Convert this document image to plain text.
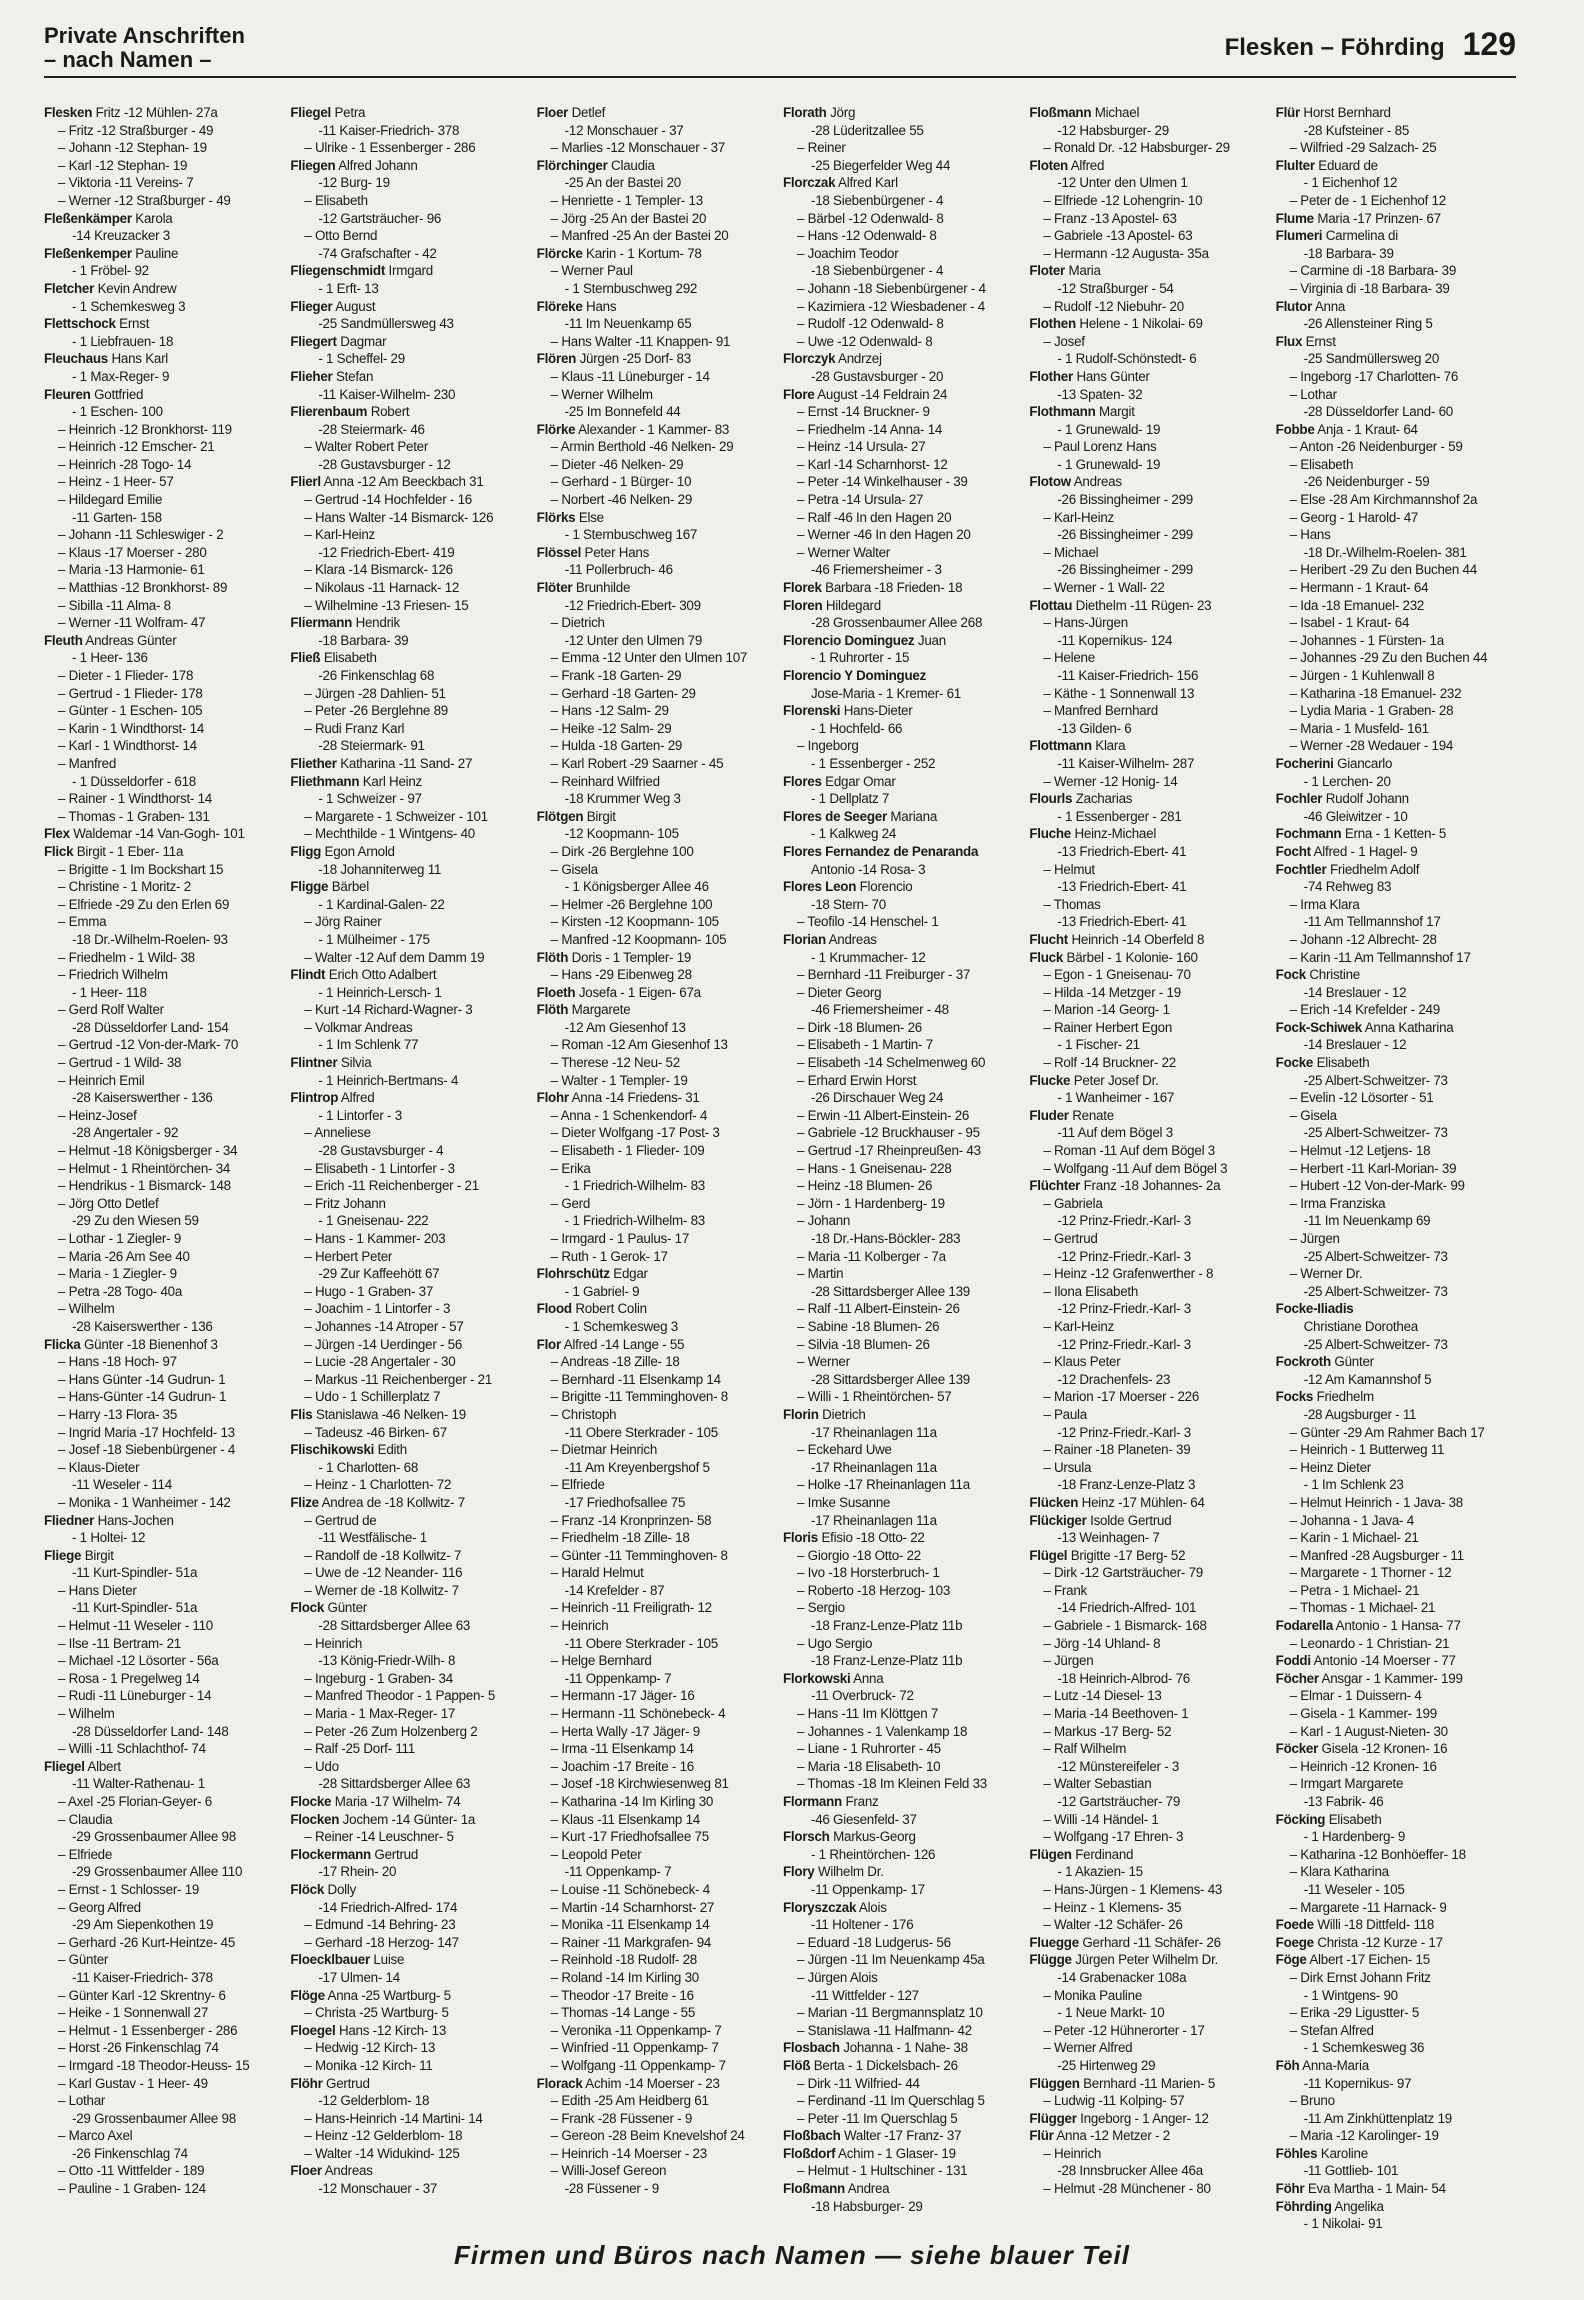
Private Anschriften
– nach Namen –	Flesken – Föhrding 129
Flesken Fritz -12 Mühlen- 27a
– Fritz -12 Straßburger - 49
– Johann -12 Stephan- 19
– Karl -12 Stephan- 19
– Viktoria -11 Vereins- 7
– Werner -12 Straßburger - 49
Fleßenkämper Karola
-14 Kreuzacker 3
Fleßenkemper Pauline
- 1 Fröbel- 92
Fletcher Kevin Andrew
- 1 Schemkesweg 3
Flettschock Ernst
- 1 Liebfrauen- 18
Fleuchaus Hans Karl
- 1 Max-Reger- 9
Fleuren Gottfried
- 1 Eschen- 100
– Heinrich -12 Bronkhorst- 119
– Heinrich -12 Emscher- 21
– Heinrich -28 Togo- 14
– Heinz - 1 Heer- 57
– Hildegard Emilie
-11 Garten- 158
– Johann -11 Schleswiger - 2
– Klaus -17 Moerser - 280
– Maria -13 Harmonie- 61
– Matthias -12 Bronkhorst- 89
– Sibilla -11 Alma- 8
– Werner -11 Wolfram- 47
Fleuth Andreas Günter
- 1 Heer- 136
– Dieter - 1 Flieder- 178
– Gertrud - 1 Flieder- 178
– Günter - 1 Eschen- 105
– Karin - 1 Windthorst- 14
– Karl - 1 Windthorst- 14
– Manfred
- 1 Düsseldorfer - 618
– Rainer - 1 Windthorst- 14
– Thomas - 1 Graben- 131
Flex Waldemar -14 Van-Gogh- 101
Flick Birgit - 1 Eber- 11a
– Brigitte - 1 Im Bockshart 15
– Christine - 1 Moritz- 2
– Elfriede -29 Zu den Erlen 69
– Emma
-18 Dr.-Wilhelm-Roelen- 93
– Friedhelm - 1 Wild- 38
– Friedrich Wilhelm
- 1 Heer- 118
– Gerd Rolf Walter
-28 Düsseldorfer Land- 154
– Gertrud -12 Von-der-Mark- 70
– Gertrud - 1 Wild- 38
– Heinrich Emil
-28 Kaiserswerther - 136
– Heinz-Josef
-28 Angertaler - 92
– Helmut -18 Königsberger - 34
– Helmut - 1 Rheintörchen- 34
– Hendrikus - 1 Bismarck- 148
– Jörg Otto Detlef
-29 Zu den Wiesen 59
– Lothar - 1 Ziegler- 9
– Maria -26 Am See 40
– Maria - 1 Ziegler- 9
– Petra -28 Togo- 40a
– Wilhelm
-28 Kaiserswerther - 136
Flicka Günter -18 Bienenhof 3
– Hans -18 Hoch- 97
– Hans Günter -14 Gudrun- 1
– Hans-Günter -14 Gudrun- 1
– Harry -13 Flora- 35
– Ingrid Maria -17 Hochfeld- 13
– Josef -18 Siebenbürgener - 4
– Klaus-Dieter
-11 Weseler - 114
– Monika - 1 Wanheimer - 142
Fliedner Hans-Jochen
- 1 Holtei- 12
Fliege Birgit
-11 Kurt-Spindler- 51a
– Hans Dieter
-11 Kurt-Spindler- 51a
– Helmut -11 Weseler - 110
– Ilse -11 Bertram- 21
– Michael -12 Lösorter - 56a
– Rosa - 1 Pregelweg 14
– Rudi -11 Lüneburger - 14
– Wilhelm
-28 Düsseldorfer Land- 148
– Willi -11 Schlachthof- 74
Fliegel Albert
-11 Walter-Rathenau- 1
– Axel -25 Florian-Geyer- 6
– Claudia
-29 Grossenbaumer Allee 98
– Elfriede
-29 Grossenbaumer Allee 110
– Ernst - 1 Schlosser- 19
– Georg Alfred
-29 Am Siepenkothen 19
– Gerhard -26 Kurt-Heintze- 45
– Günter
-11 Kaiser-Friedrich- 378
– Günter Karl -12 Skrentny- 6
– Heike - 1 Sonnenwall 27
– Helmut - 1 Essenberger - 286
– Horst -26 Finkenschlag 74
– Irmgard -18 Theodor-Heuss- 15
– Karl Gustav - 1 Heer- 49
– Lothar
-29 Grossenbaumer Allee 98
– Marco Axel
-26 Finkenschlag 74
– Otto -11 Wittfelder - 189
– Pauline - 1 Graben- 124
Fliegel Petra
-11 Kaiser-Friedrich- 378
– Ulrike - 1 Essenberger - 286
Fliegen Alfred Johann
-12 Burg- 19
– Elisabeth
-12 Gartsträucher- 96
– Otto Bernd
-74 Grafschafter - 42
Fliegenschmidt Irmgard
- 1 Erft- 13
Flieger August
-25 Sandmüllersweg 43
Fliegert Dagmar
- 1 Scheffel- 29
Flieher Stefan
-11 Kaiser-Wilhelm- 230
Flierenbaum Robert
-28 Steiermark- 46
– Walter Robert Peter
-28 Gustavsburger - 12
Flierl Anna -12 Am Beeckbach 31
– Gertrud -14 Hochfelder - 16
– Hans Walter -14 Bismarck- 126
– Karl-Heinz
-12 Friedrich-Ebert- 419
– Klara -14 Bismarck- 126
– Nikolaus -11 Harnack- 12
– Wilhelmine -13 Friesen- 15
Fliermann Hendrik
-18 Barbara- 39
Fließ Elisabeth
-26 Finkenschlag 68
– Jürgen -28 Dahlien- 51
– Peter -26 Berglehne 89
– Rudi Franz Karl
-28 Steiermark- 91
Fliether Katharina -11 Sand- 27
Fliethmann Karl Heinz
- 1 Schweizer - 97
– Margarete - 1 Schweizer - 101
– Mechthilde - 1 Wintgens- 40
Fligg Egon Arnold
-18 Johanniterweg 11
Fligge Bärbel
- 1 Kardinal-Galen- 22
– Jörg Rainer
- 1 Mülheimer - 175
– Walter -12 Auf dem Damm 19
Flindt Erich Otto Adalbert
- 1 Heinrich-Lersch- 1
– Kurt -14 Richard-Wagner- 3
– Volkmar Andreas
- 1 Im Schlenk 77
Flintner Silvia
- 1 Heinrich-Bertmans- 4
Flintrop Alfred
- 1 Lintorfer - 3
– Anneliese
-28 Gustavsburger - 4
– Elisabeth - 1 Lintorfer - 3
– Erich -11 Reichenberger - 21
– Fritz Johann
- 1 Gneisenau- 222
– Hans - 1 Kammer- 203
– Herbert Peter
-29 Zur Kaffeehött 67
– Hugo - 1 Graben- 37
– Joachim - 1 Lintorfer - 3
– Johannes -14 Atroper - 57
– Jürgen -14 Uerdinger - 56
– Lucie -28 Angertaler - 30
– Markus -11 Reichenberger - 21
– Udo - 1 Schillerplatz 7
Flis Stanislawa -46 Nelken- 19
– Tadeusz -46 Birken- 67
Flischikowski Edith
- 1 Charlotten- 68
– Heinz - 1 Charlotten- 72
Flize Andrea de -18 Kollwitz- 7
– Gertrud de
-11 Westfälische- 1
– Randolf de -18 Kollwitz- 7
– Uwe de -12 Neander- 116
– Werner de -18 Kollwitz- 7
Flock Günter
-28 Sittardsberger Allee 63
– Heinrich
-13 König-Friedr-Wilh- 8
– Ingeburg - 1 Graben- 34
– Manfred Theodor - 1 Pappen- 5
– Maria - 1 Max-Reger- 17
– Peter -26 Zum Holzenberg 2
– Ralf -25 Dorf- 111
– Udo
-28 Sittardsberger Allee 63
Flocke Maria -17 Wilhelm- 74
Flocken Jochem -14 Günter- 1a
– Reiner -14 Leuschner- 5
Flockermann Gertrud
-17 Rhein- 20
Flöck Dolly
-14 Friedrich-Alfred- 174
– Edmund -14 Behring- 23
– Gerhard -18 Herzog- 147
Floecklbauer Luise
-17 Ulmen- 14
Flöge Anna -25 Wartburg- 5
– Christa -25 Wartburg- 5
Floegel Hans -12 Kirch- 13
– Hedwig -12 Kirch- 13
– Monika -12 Kirch- 11
Flöhr Gertrud
-12 Gelderblom- 18
– Hans-Heinrich -14 Martini- 14
– Heinz -12 Gelderblom- 18
– Walter -14 Widukind- 125
Floer Andreas
-12 Monschauer - 37
Floer Detlef
-12 Monschauer - 37
– Marlies -12 Monschauer - 37
Flörchinger Claudia
-25 An der Bastei 20
– Henriette - 1 Templer- 13
– Jörg -25 An der Bastei 20
– Manfred -25 An der Bastei 20
Flörcke Karin - 1 Kortum- 78
– Werner Paul
- 1 Sternbuschweg 292
Flöreke Hans
-11 Im Neuenkamp 65
– Hans Walter -11 Knappen- 91
Flören Jürgen -25 Dorf- 83
– Klaus -11 Lüneburger - 14
– Werner Wilhelm
-25 Im Bonnefeld 44
Flörke Alexander - 1 Kammer- 83
– Armin Berthold -46 Nelken- 29
– Dieter -46 Nelken- 29
– Gerhard - 1 Bürger- 10
– Norbert -46 Nelken- 29
Flörks Else
- 1 Sternbuschweg 167
Flössel Peter Hans
-11 Pollerbruch- 46
Flöter Brunhilde
-12 Friedrich-Ebert- 309
– Dietrich
-12 Unter den Ulmen 79
– Emma -12 Unter den Ulmen 107
– Frank -18 Garten- 29
– Gerhard -18 Garten- 29
– Hans -12 Salm- 29
– Heike -12 Salm- 29
– Hulda -18 Garten- 29
– Karl Robert -29 Saarner - 45
– Reinhard Wilfried
-18 Krummer Weg 3
Flötgen Birgit
-12 Koopmann- 105
– Dirk -26 Berglehne 100
– Gisela
- 1 Königsberger Allee 46
– Helmer -26 Berglehne 100
– Kirsten -12 Koopmann- 105
– Manfred -12 Koopmann- 105
Flöth Doris - 1 Templer- 19
– Hans -29 Eibenweg 28
Floeth Josefa - 1 Eigen- 67a
Flöth Margarete
-12 Am Giesenhof 13
– Roman -12 Am Giesenhof 13
– Therese -12 Neu- 52
– Walter - 1 Templer- 19
Flohr Anna -14 Friedens- 31
– Anna - 1 Schenkendorf- 4
– Dieter Wolfgang -17 Post- 3
– Elisabeth - 1 Flieder- 109
– Erika
- 1 Friedrich-Wilhelm- 83
– Gerd
- 1 Friedrich-Wilhelm- 83
– Irmgard - 1 Paulus- 17
– Ruth - 1 Gerok- 17
Flohrschütz Edgar
- 1 Gabriel- 9
Flood Robert Colin
- 1 Schemkesweg 3
Flor Alfred -14 Lange - 55
– Andreas -18 Zille- 18
– Bernhard -11 Elsenkamp 14
– Brigitte -11 Temminghoven- 8
– Christoph
-11 Obere Sterkrader - 105
– Dietmar Heinrich
-11 Am Kreyenbergshof 5
– Elfriede
-17 Friedhofsallee 75
– Franz -14 Kronprinzen- 58
– Friedhelm -18 Zille- 18
– Günter -11 Temminghoven- 8
– Harald Helmut
-14 Krefelder - 87
– Heinrich -11 Freiligrath- 12
– Heinrich
-11 Obere Sterkrader - 105
– Helge Bernhard
-11 Oppenkamp- 7
– Hermann -17 Jäger- 16
– Hermann -11 Schönebeck- 4
– Herta Wally -17 Jäger- 9
– Irma -11 Elsenkamp 14
– Joachim -17 Breite - 16
– Josef -18 Kirchwiesenweg 81
– Katharina -14 Im Kirling 30
– Klaus -11 Elsenkamp 14
– Kurt -17 Friedhofsallee 75
– Leopold Peter
-11 Oppenkamp- 7
– Louise -11 Schönebeck- 4
– Martin -14 Scharnhorst- 27
– Monika -11 Elsenkamp 14
– Rainer -11 Markgrafen- 94
– Reinhold -18 Rudolf- 28
– Roland -14 Im Kirling 30
– Theodor -17 Breite - 16
– Thomas -14 Lange - 55
– Veronika -11 Oppenkamp- 7
– Winfried -11 Oppenkamp- 7
– Wolfgang -11 Oppenkamp- 7
Florack Achim -14 Moerser - 23
– Edith -25 Am Heidberg 61
– Frank -28 Füssener - 9
– Gereon -28 Beim Knevelshof 24
– Heinrich -14 Moerser - 23
– Willi-Josef Gereon
-28 Füssener - 9
Florath Jörg
-28 Lüderitzallee 55
– Reiner
-25 Biegerfelder Weg 44
Florczak Alfred Karl
-18 Siebenbürgener - 4
– Bärbel -12 Odenwald- 8
– Hans -12 Odenwald- 8
– Joachim Teodor
-18 Siebenbürgener - 4
– Johann -18 Siebenbürgener - 4
– Kazimiera -12 Wiesbadener - 4
– Rudolf -12 Odenwald- 8
– Uwe -12 Odenwald- 8
Florczyk Andrzej
-28 Gustavsburger - 20
Flore August -14 Feldrain 24
– Ernst -14 Bruckner- 9
– Friedhelm -14 Anna- 14
– Heinz -14 Ursula- 27
– Karl -14 Scharnhorst- 12
– Peter -14 Winkelhauser - 39
– Petra -14 Ursula- 27
– Ralf -46 In den Hagen 20
– Werner -46 In den Hagen 20
– Werner Walter
-46 Friemersheimer - 3
Florek Barbara -18 Frieden- 18
Floren Hildegard
-28 Grossenbaumer Allee 268
Florencio Dominguez Juan
- 1 Ruhrorter - 15
Florencio Y Dominguez
Jose-Maria - 1 Kremer- 61
Florenski Hans-Dieter
- 1 Hochfeld- 66
– Ingeborg
- 1 Essenberger - 252
Flores Edgar Omar
- 1 Dellplatz 7
Flores de Seeger Mariana
- 1 Kalkweg 24
Flores Fernandez de Penaranda
Antonio -14 Rosa- 3
Flores Leon Florencio
-18 Stern- 70
– Teofilo -14 Henschel- 1
Florian Andreas
- 1 Krummacher- 12
– Bernhard -11 Freiburger - 37
– Dieter Georg
-46 Friemersheimer - 48
– Dirk -18 Blumen- 26
– Elisabeth - 1 Martin- 7
– Elisabeth -14 Schelmenweg 60
– Erhard Erwin Horst
-26 Dirschauer Weg 24
– Erwin -11 Albert-Einstein- 26
– Gabriele -12 Bruckhauser - 95
– Gertrud -17 Rheinpreußen- 43
– Hans - 1 Gneisenau- 228
– Heinz -18 Blumen- 26
– Jörn - 1 Hardenberg- 19
– Johann
-18 Dr.-Hans-Böckler- 283
– Maria -11 Kolberger - 7a
– Martin
-28 Sittardsberger Allee 139
– Ralf -11 Albert-Einstein- 26
– Sabine -18 Blumen- 26
– Silvia -18 Blumen- 26
– Werner
-28 Sittardsberger Allee 139
– Willi - 1 Rheintörchen- 57
Florin Dietrich
-17 Rheinanlagen 11a
– Eckehard Uwe
-17 Rheinanlagen 11a
– Holke -17 Rheinanlagen 11a
– Imke Susanne
-17 Rheinanlagen 11a
Floris Efisio -18 Otto- 22
– Giorgio -18 Otto- 22
– Ivo -18 Horsterbruch- 1
– Roberto -18 Herzog- 103
– Sergio
-18 Franz-Lenze-Platz 11b
– Ugo Sergio
-18 Franz-Lenze-Platz 11b
Florkowski Anna
-11 Overbruck- 72
– Hans -11 Im Klöttgen 7
– Johannes - 1 Valenkamp 18
– Liane - 1 Ruhrorter - 45
– Maria -18 Elisabeth- 10
– Thomas -18 Im Kleinen Feld 33
Flormann Franz
-46 Giesenfeld- 37
Florsch Markus-Georg
- 1 Rheintörchen- 126
Flory Wilhelm Dr.
-11 Oppenkamp- 17
Floryszczak Alois
-11 Holtener - 176
– Eduard -18 Ludgerus- 56
– Jürgen -11 Im Neuenkamp 45a
– Jürgen Alois
-11 Wittfelder - 127
– Marian -11 Bergmannsplatz 10
– Stanislawa -11 Halfmann- 42
Flosbach Johanna - 1 Nahe- 38
Flöß Berta - 1 Dickelsbach- 26
– Dirk -11 Wilfried- 44
– Ferdinand -11 Im Querschlag 5
– Peter -11 Im Querschlag 5
Floßbach Walter -17 Franz- 37
Floßdorf Achim - 1 Glaser- 19
– Helmut - 1 Hultschiner - 131
Floßmann Andrea
-18 Habsburger- 29
Floßmann Michael
-12 Habsburger- 29
– Ronald Dr. -12 Habsburger- 29
Floten Alfred
-12 Unter den Ulmen 1
– Elfriede -12 Lohengrin- 10
– Franz -13 Apostel- 63
– Gabriele -13 Apostel- 63
– Hermann -12 Augusta- 35a
Floter Maria
-12 Straßburger - 54
– Rudolf -12 Niebuhr- 20
Flothen Helene - 1 Nikolai- 69
– Josef
- 1 Rudolf-Schönstedt- 6
Flother Hans Günter
-13 Spaten- 32
Flothmann Margit
- 1 Grunewald- 19
– Paul Lorenz Hans
- 1 Grunewald- 19
Flotow Andreas
-26 Bissingheimer - 299
– Karl-Heinz
-26 Bissingheimer - 299
– Michael
-26 Bissingheimer - 299
– Werner - 1 Wall- 22
Flottau Diethelm -11 Rügen- 23
– Hans-Jürgen
-11 Kopernikus- 124
– Helene
-11 Kaiser-Friedrich- 156
– Käthe - 1 Sonnenwall 13
– Manfred Bernhard
-13 Gilden- 6
Flottmann Klara
-11 Kaiser-Wilhelm- 287
– Werner -12 Honig- 14
Flourls Zacharias
- 1 Essenberger - 281
Fluche Heinz-Michael
-13 Friedrich-Ebert- 41
– Helmut
-13 Friedrich-Ebert- 41
– Thomas
-13 Friedrich-Ebert- 41
Flucht Heinrich -14 Oberfeld 8
Fluck Bärbel - 1 Kolonie- 160
– Egon - 1 Gneisenau- 70
– Hilda -14 Metzger - 19
– Marion -14 Georg- 1
– Rainer Herbert Egon
- 1 Fischer- 21
– Rolf -14 Bruckner- 22
Flucke Peter Josef Dr.
- 1 Wanheimer - 167
Fluder Renate
-11 Auf dem Bögel 3
– Roman -11 Auf dem Bögel 3
– Wolfgang -11 Auf dem Bögel 3
Flüchter Franz -18 Johannes- 2a
– Gabriela
-12 Prinz-Friedr.-Karl- 3
– Gertrud
-12 Prinz-Friedr.-Karl- 3
– Heinz -12 Grafenwerther - 8
– Ilona Elisabeth
-12 Prinz-Friedr.-Karl- 3
– Karl-Heinz
-12 Prinz-Friedr.-Karl- 3
– Klaus Peter
-12 Drachenfels- 23
– Marion -17 Moerser - 226
– Paula
-12 Prinz-Friedr.-Karl- 3
– Rainer -18 Planeten- 39
– Ursula
-18 Franz-Lenze-Platz 3
Flücken Heinz -17 Mühlen- 64
Flückiger Isolde Gertrud
-13 Weinhagen- 7
Flügel Brigitte -17 Berg- 52
– Dirk -12 Gartsträucher- 79
– Frank
-14 Friedrich-Alfred- 101
– Gabriele - 1 Bismarck- 168
– Jörg -14 Uhland- 8
– Jürgen
-18 Heinrich-Albrod- 76
– Lutz -14 Diesel- 13
– Maria -14 Beethoven- 1
– Markus -17 Berg- 52
– Ralf Wilhelm
-12 Münstereifeler - 3
– Walter Sebastian
-12 Gartsträucher- 79
– Willi -14 Händel- 1
– Wolfgang -17 Ehren- 3
Flügen Ferdinand
- 1 Akazien- 15
– Hans-Jürgen - 1 Klemens- 43
– Heinz - 1 Klemens- 35
– Walter -12 Schäfer- 26
Fluegge Gerhard -11 Schäfer- 26
Flügge Jürgen Peter Wilhelm Dr.
-14 Grabenacker 108a
– Monika Pauline
- 1 Neue Markt- 10
– Peter -12 Hühnerorter - 17
– Werner Alfred
-25 Hirtenweg 29
Flüggen Bernhard -11 Marien- 5
– Ludwig -11 Kolping- 57
Flügger Ingeborg - 1 Anger- 12
Flür Anna -12 Metzer - 2
– Heinrich
-28 Innsbrucker Allee 46a
– Helmut -28 Münchener - 80
Flür Horst Bernhard
-28 Kufsteiner - 85
– Wilfried -29 Salzach- 25
Flulter Eduard de
- 1 Eichenhof 12
– Peter de - 1 Eichenhof 12
Flume Maria -17 Prinzen- 67
Flumeri Carmelina di
-18 Barbara- 39
– Carmine di -18 Barbara- 39
– Virginia di -18 Barbara- 39
Flutor Anna
-26 Allensteiner Ring 5
Flux Ernst
-25 Sandmüllersweg 20
– Ingeborg -17 Charlotten- 76
– Lothar
-28 Düsseldorfer Land- 60
Fobbe Anja - 1 Kraut- 64
– Anton -26 Neidenburger - 59
– Elisabeth
-26 Neidenburger - 59
– Else -28 Am Kirchmannshof 2a
– Georg - 1 Harold- 47
– Hans
-18 Dr.-Wilhelm-Roelen- 381
– Heribert -29 Zu den Buchen 44
– Hermann - 1 Kraut- 64
– Ida -18 Emanuel- 232
– Isabel - 1 Kraut- 64
– Johannes - 1 Fürsten- 1a
– Johannes -29 Zu den Buchen 44
– Jürgen - 1 Kuhlenwall 8
– Katharina -18 Emanuel- 232
– Lydia Maria - 1 Graben- 28
– Maria - 1 Musfeld- 161
– Werner -28 Wedauer - 194
Focherini Giancarlo
- 1 Lerchen- 20
Fochler Rudolf Johann
-46 Gleiwitzer - 10
Fochmann Erna - 1 Ketten- 5
Focht Alfred - 1 Hagel- 9
Fochtler Friedhelm Adolf
-74 Rehweg 83
– Irma Klara
-11 Am Tellmannshof 17
– Johann -12 Albrecht- 28
– Karin -11 Am Tellmannshof 17
Fock Christine
-14 Breslauer - 12
– Erich -14 Krefelder - 249
Fock-Schiwek Anna Katharina
-14 Breslauer - 12
Focke Elisabeth
-25 Albert-Schweitzer- 73
– Evelin -12 Lösorter - 51
– Gisela
-25 Albert-Schweitzer- 73
– Helmut -12 Letjens- 18
– Herbert -11 Karl-Morian- 39
– Hubert -12 Von-der-Mark- 99
– Irma Franziska
-11 Im Neuenkamp 69
– Jürgen
-25 Albert-Schweitzer- 73
– Werner Dr.
-25 Albert-Schweitzer- 73
Focke-Iliadis
Christiane Dorothea
-25 Albert-Schweitzer- 73
Fockroth Günter
-12 Am Kamannshof 5
Focks Friedhelm
-28 Augsburger - 11
– Günter -29 Am Rahmer Bach 17
– Heinrich - 1 Butterweg 11
– Heinz Dieter
- 1 Im Schlenk 23
– Helmut Heinrich - 1 Java- 38
– Johanna - 1 Java- 4
– Karin - 1 Michael- 21
– Manfred -28 Augsburger - 11
– Margarete - 1 Thorner - 12
– Petra - 1 Michael- 21
– Thomas - 1 Michael- 21
Fodarella Antonio - 1 Hansa- 77
– Leonardo - 1 Christian- 21
Foddi Antonio -14 Moerser - 77
Föcher Ansgar - 1 Kammer- 199
– Elmar - 1 Duissern- 4
– Gisela - 1 Kammer- 199
– Karl - 1 August-Nieten- 30
Föcker Gisela -12 Kronen- 16
– Heinrich -12 Kronen- 16
– Irmgart Margarete
-13 Fabrik- 46
Föcking Elisabeth
- 1 Hardenberg- 9
– Katharina -12 Bonhöeffer- 18
– Klara Katharina
-11 Weseler - 105
– Margarete -11 Harnack- 9
Foede Willi -18 Dittfeld- 118
Foege Christa -12 Kurze - 17
Föge Albert -17 Eichen- 15
– Dirk Ernst Johann Fritz
- 1 Wintgens- 90
– Erika -29 Ligustter- 5
– Stefan Alfred
- 1 Schemkesweg 36
Föh Anna-Maria
-11 Kopernikus- 97
– Bruno
-11 Am Zinkhüttenplatz 19
– Maria -12 Karolinger- 19
Föhles Karoline
-11 Gottlieb- 101
Föhr Eva Martha - 1 Main- 54
Föhrding Angelika
- 1 Nikolai- 91
Firmen und Büros nach Namen — siehe blauer Teil
